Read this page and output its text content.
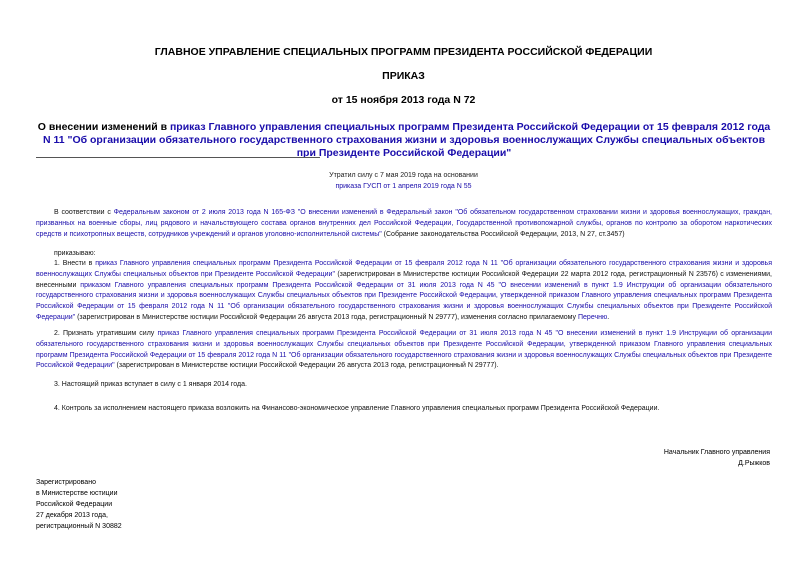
ГЛАВНОЕ УПРАВЛЕНИЕ СПЕЦИАЛЬНЫХ ПРОГРАММ ПРЕЗИДЕНТА РОССИЙСКОЙ ФЕДЕРАЦИИ
ПРИКАЗ
от 15 ноября 2013 года N 72
О внесении изменений в приказ Главного управления специальных программ Президента Российской Федерации от 15 февраля 2012 года N 11 "Об организации обязательного государственного страхования жизни и здоровья военнослужащих Службы специальных объектов при Президенте Российской Федерации"
Утратил силу с 7 мая 2019 года на основании
приказа ГУСП от 1 апреля 2019 года N 55
В соответствии с Федеральным законом от 2 июля 2013 года N 165-ФЗ "О внесении изменений в Федеральный закон "Об обязательном государственном страховании жизни и здоровья военнослужащих, граждан, призванных на военные сборы, лиц рядового и начальствующего состава органов внутренних дел Российской Федерации, Государственной противопожарной службы, органов по контролю за оборотом наркотических средств и психотропных веществ, сотрудников учреждений и органов уголовно-исполнительной системы" (Собрание законодательства Российской Федерации, 2013, N 27, ст.3457)
приказываю:
1. Внести в приказ Главного управления специальных программ Президента Российской Федерации от 15 февраля 2012 года N 11 "Об организации обязательного государственного страхования жизни и здоровья военнослужащих Службы специальных объектов при Президенте Российской Федерации" (зарегистрирован в Министерстве юстиции Российской Федерации 22 марта 2012 года, регистрационный N 23576) с изменениями, внесенными приказом Главного управления специальных программ Президента Российской Федерации от 31 июля 2013 года N 45 "О внесении изменений в пункт 1.9 Инструкции об организации обязательного государственного страхования жизни и здоровья военнослужащих Службы специальных объектов при Президенте Российской Федерации, утвержденной приказом Главного управления специальных программ Президента Российской Федерации от 15 февраля 2012 года N 11 "Об организации обязательного государственного страхования жизни и здоровья военнослужащих Службы специальных объектов при Президенте Российской Федерации" (зарегистрирован в Министерстве юстиции Российской Федерации 26 августа 2013 года, регистрационный N 29777), изменения согласно прилагаемому Перечню.
2. Признать утратившим силу приказ Главного управления специальных программ Президента Российской Федерации от 31 июля 2013 года N 45 "О внесении изменений в пункт 1.9 Инструкции об организации обязательного государственного страхования жизни и здоровья военнослужащих Службы специальных объектов при Президенте Российской Федерации, утвержденной приказом Главного управления специальных программ Президента Российской Федерации от 15 февраля 2012 года N 11 "Об организации обязательного государственного страхования жизни и здоровья военнослужащих Службы специальных объектов при Президенте Российской Федерации" (зарегистрирован в Министерстве юстиции Российской Федерации 26 августа 2013 года, регистрационный N 29777).
3. Настоящий приказ вступает в силу с 1 января 2014 года.
4. Контроль за исполнением настоящего приказа возложить на Финансово-экономическое управление Главного управления специальных программ Президента Российской Федерации.
Начальник Главного управления
Д.Рыжков
Зарегистрировано
в Министерстве юстиции
Российской Федерации
27 декабря 2013 года,
регистрационный N 30882
